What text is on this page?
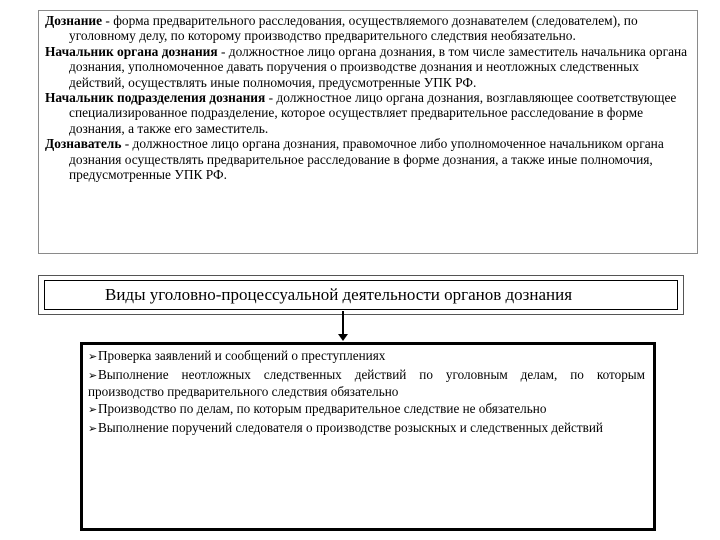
Дознание - форма предварительного расследования, осуществляемого дознавателем (следователем), по уголовному делу, по которому производство предварительного следствия необязательно.

Начальник органа дознания - должностное лицо органа дознания, в том числе заместитель начальника органа дознания, уполномоченное давать поручения о производстве дознания и неотложных следственных действий, осуществлять иные полномочия, предусмотренные УПК РФ.

Начальник подразделения дознания - должностное лицо органа дознания, возглавляющее соответствующее специализированное подразделение, которое осуществляет предварительное расследование в форме дознания, а также его заместитель.

Дознаватель - должностное лицо органа дознания, правомочное либо уполномоченное начальником органа дознания осуществлять предварительное расследование в форме дознания, а также иные полномочия, предусмотренные УПК РФ.

Виды уголовно-процессуальной деятельности органов дознания

➢Проверка заявлений и сообщений о преступлениях

➢Выполнение неотложных следственных действий по уголовным делам, по которым производство предварительного следствия обязательно

➢Производство по делам, по которым предварительное следствие не обязательно

➢Выполнение поручений следователя о производстве розыскных и следственных действий
